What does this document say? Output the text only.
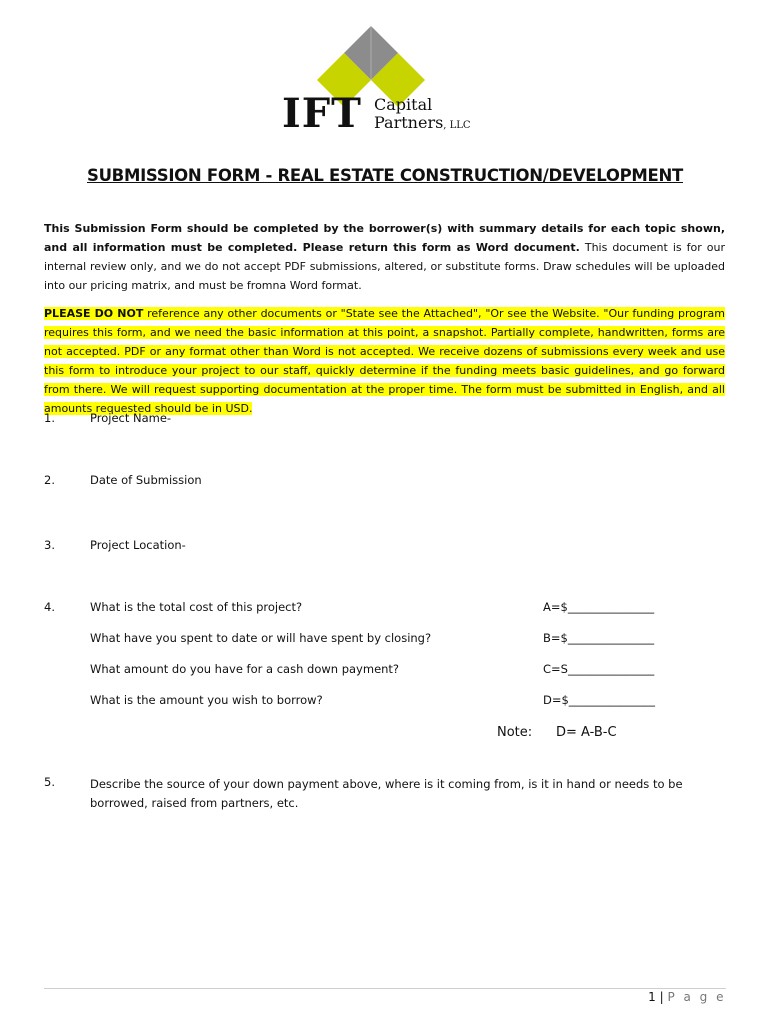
IFT Capital
Partners, LLC
SUBMISSION FORM - REAL ESTATE CONSTRUCTION/DEVELOPMENT
This Submission Form should be completed by the borrower(s) with summary details for each topic shown, and all information must be completed. Please return this form as Word document. This document is for our internal review only, and we do not accept PDF submissions, altered, or substitute forms. Draw schedules will be uploaded into our pricing matrix, and must be fromna Word format.
PLEASE DO NOT reference any other documents or "State see the Attached", "Or see the Website. "Our funding program requires this form, and we need the basic information at this point, a snapshot. Partially complete, handwritten, forms are not accepted. PDF or any format other than Word is not accepted. We receive dozens of submissions every week and use this form to introduce your project to our staff, quickly determine if the funding meets basic guidelines, and go forward from there. We will request supporting documentation at the proper time. The form must be submitted in English, and all amounts requested should be in USD.
1.	Project Name-
2.	Date of Submission
3.	Project Location-
4.	What is the total cost of this project?	A=$_______________
What have you spent to date or will have spent by closing?	B=$_______________
What amount do you have for a cash down payment?	C=S_______________
What is the amount you wish to borrow?	D=$_______________
Note: D= A-B-C
5.	Describe the source of your down payment above, where is it coming from, is it in hand or needs to be borrowed, raised from partners, etc.
1 | P a g e
